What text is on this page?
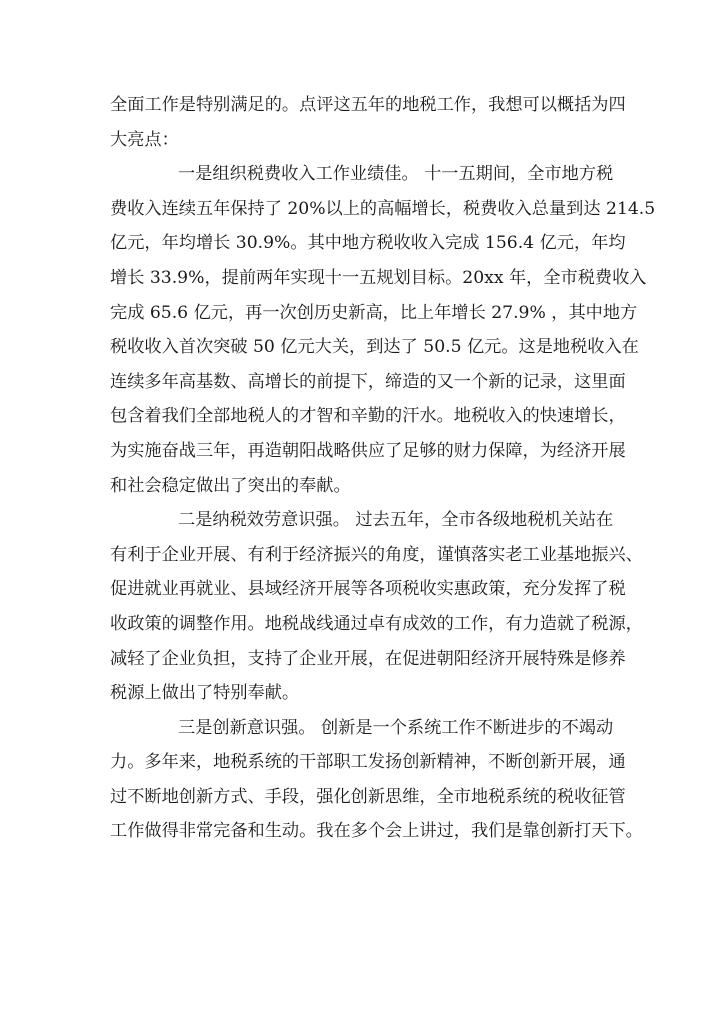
全面工作是特别满足的。点评这五年的地税工作，我想可以概括为四
大亮点：

一是组织税费收入工作业绩佳。 十一五期间，全市地方税
费收入连续五年保持了 20%以上的高幅增长，税费收入总量到达 214.5
亿元，年均增长 30.9%。其中地方税收收入完成 156.4 亿元，年均
增长 33.9%，提前两年实现十一五规划目标。20xx 年，全市税费收入
完成 65.6 亿元，再一次创历史新高，比上年增长 27.9% ，其中地方
税收收入首次突破 50 亿元大关，到达了 50.5 亿元。这是地税收入在
连续多年高基数、高增长的前提下，缔造的又一个新的记录，这里面
包含着我们全部地税人的才智和辛勤的汗水。地税收入的快速增长，
为实施奋战三年，再造朝阳战略供应了足够的财力保障，为经济开展
和社会稳定做出了突出的奉献。

二是纳税效劳意识强。 过去五年，全市各级地税机关站在
有利于企业开展、有利于经济振兴的角度，谨慎落实老工业基地振兴、
促进就业再就业、县域经济开展等各项税收实惠政策，充分发挥了税
收政策的调整作用。地税战线通过卓有成效的工作，有力造就了税源，
减轻了企业负担，支持了企业开展，在促进朝阳经济开展特殊是修养
税源上做出了特别奉献。

三是创新意识强。 创新是一个系统工作不断进步的不竭动
力。多年来，地税系统的干部职工发扬创新精神，不断创新开展，通
过不断地创新方式、手段，强化创新思维，全市地税系统的税收征管
工作做得非常完备和生动。我在多个会上讲过，我们是靠创新打天下。
